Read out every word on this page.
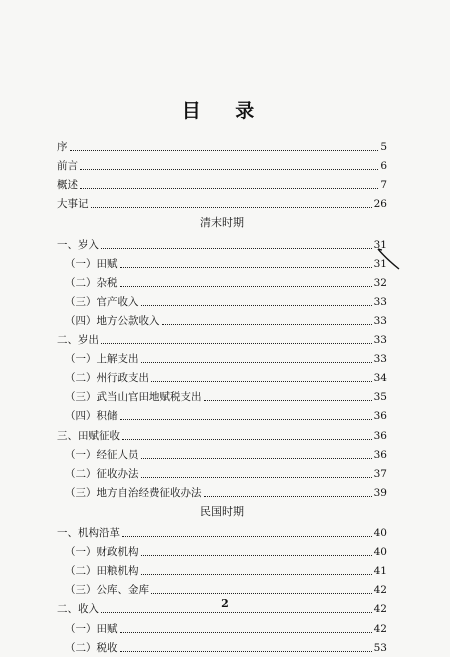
目 录
序	5
前言	6
概述	7
大事记	26
清末时期
一、岁入	31
（一）田赋	31
（二）杂税	32
（三）官产收入	33
（四）地方公款收入	33
二、岁出	33
（一）上解支出	33
（二）州行政支出	34
（三）武当山官田地赋税支出	35
（四）积储	36
三、田赋征收	36
（一）经征人员	36
（二）征收办法	37
（三）地方自治经费征收办法	39
民国时期
一、机构沿革	40
（一）财政机构	40
（二）田粮机构	41
（三）公库、金库	42
二、收入	42
（一）田赋	42
（二）税收	53
2
